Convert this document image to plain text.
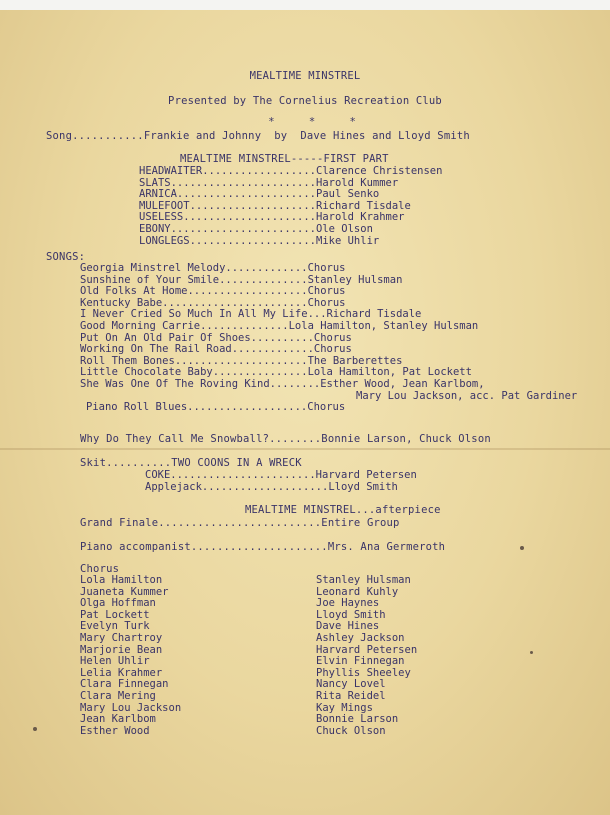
MEALTIME MINSTREL
Presented by The Cornelius Recreation Club
* * *
Song...........Frankie and Johnny  by  Dave Hines and Lloyd Smith
MEALTIME MINSTREL-----FIRST PART
HEADWAITER..................Clarence Christensen
SLATS.......................Harold Kummer
ARNICA......................Paul Senko
MULEFOOT....................Richard Tisdale
USELESS.....................Harold Krahmer
EBONY.......................Ole Olson
LONGLEGS....................Mike Uhlir
SONGS:
Georgia Minstrel Melody.............Chorus
Sunshine of Your Smile..............Stanley Hulsman
Old Folks At Home...................Chorus
Kentucky Babe.......................Chorus
I Never Cried So Much In All My Life...Richard Tisdale
Good Morning Carrie..............Lola Hamilton, Stanley Hulsman
Put On An Old Pair Of Shoes..........Chorus
Working On The Rail Road.............Chorus
Roll Them Bones.....................The Barberettes
Little Chocolate Baby...............Lola Hamilton, Pat Lockett
She Was One Of The Roving Kind........Esther Wood, Jean Karlbom,
Mary Lou Jackson, acc. Pat Gardiner
Piano Roll Blues...................Chorus
Why Do They Call Me Snowball?........Bonnie Larson, Chuck Olson
Skit..........TWO COONS IN A WRECK
COKE.......................Harvard Petersen
Applejack....................Lloyd Smith
MEALTIME MINSTREL...afterpiece
Grand Finale.........................Entire Group
Piano accompanist.....................Mrs. Ana Germeroth
Chorus
Lola Hamilton
Juaneta Kummer
Olga Hoffman
Pat Lockett
Evelyn Turk
Mary Chartroy
Marjorie Bean
Helen Uhlir
Lelia Krahmer
Clara Finnegan
Clara Mering
Mary Lou Jackson
Jean Karlbom
Esther Wood
Stanley Hulsman
Leonard Kuhly
Joe Haynes
Lloyd Smith
Dave Hines
Ashley Jackson
Harvard Petersen
Elvin Finnegan
Phyllis Sheeley
Nancy Lovel
Rita Reidel
Kay Mings
Bonnie Larson
Chuck Olson
